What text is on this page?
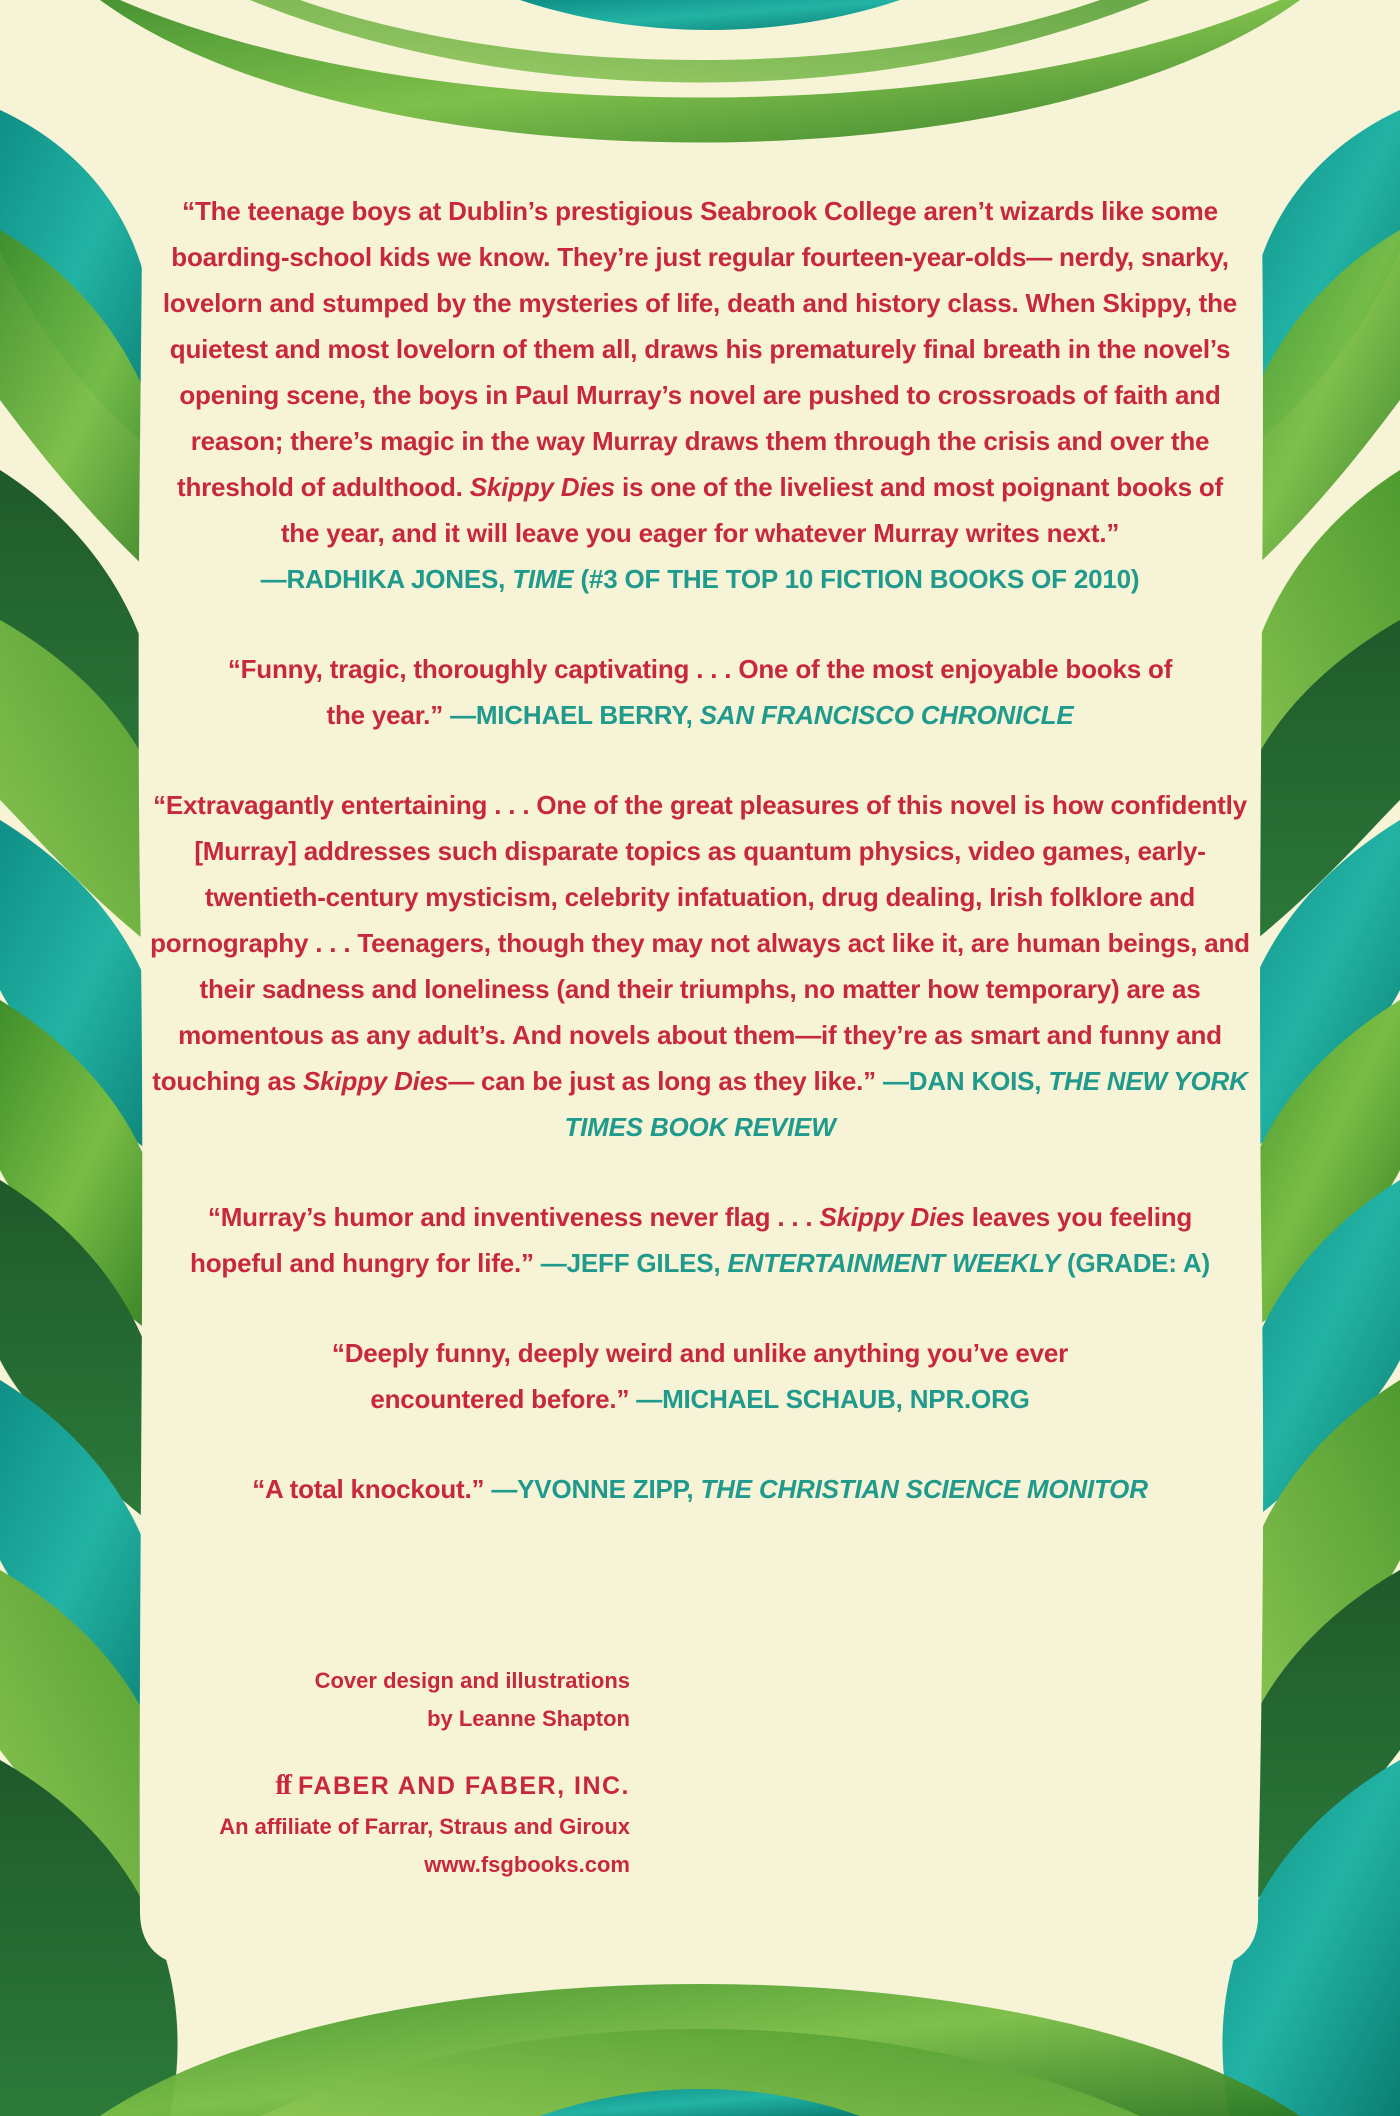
“The teenage boys at Dublin’s prestigious Seabrook College aren’t wizards like some boarding-school kids we know. They’re just regular fourteen-year-olds— nerdy, snarky, lovelorn and stumped by the mysteries of life, death and history class. When Skippy, the quietest and most lovelorn of them all, draws his prematurely final breath in the novel’s opening scene, the boys in Paul Murray’s novel are pushed to crossroads of faith and reason; there’s magic in the way Murray draws them through the crisis and over the threshold of adulthood. Skippy Dies is one of the liveliest and most poignant books of the year, and it will leave you eager for whatever Murray writes next.”
—RADHIKA JONES, TIME (#3 OF THE TOP 10 FICTION BOOKS OF 2010)

“Funny, tragic, thoroughly captivating . . . One of the most enjoyable books of the year.” —MICHAEL BERRY, SAN FRANCISCO CHRONICLE

“Extravagantly entertaining . . . One of the great pleasures of this novel is how confidently [Murray] addresses such disparate topics as quantum physics, video games, early-twentieth-century mysticism, celebrity infatuation, drug dealing, Irish folklore and pornography . . . Teenagers, though they may not always act like it, are human beings, and their sadness and loneliness (and their triumphs, no matter how temporary) are as momentous as any adult’s. And novels about them—if they’re as smart and funny and touching as Skippy Dies— can be just as long as they like.” —DAN KOIS, THE NEW YORK TIMES BOOK REVIEW

“Murray’s humor and inventiveness never flag . . . Skippy Dies leaves you feeling hopeful and hungry for life.” —JEFF GILES, ENTERTAINMENT WEEKLY (GRADE: A)

“Deeply funny, deeply weird and unlike anything you’ve ever encountered before.” —MICHAEL SCHAUB, NPR.ORG

“A total knockout.” —YVONNE ZIPP, THE CHRISTIAN SCIENCE MONITOR

Cover design and illustrations
by Leanne Shapton
ff FABER AND FABER, INC.
An affiliate of Farrar, Straus and Giroux
www.fsgbooks.com
